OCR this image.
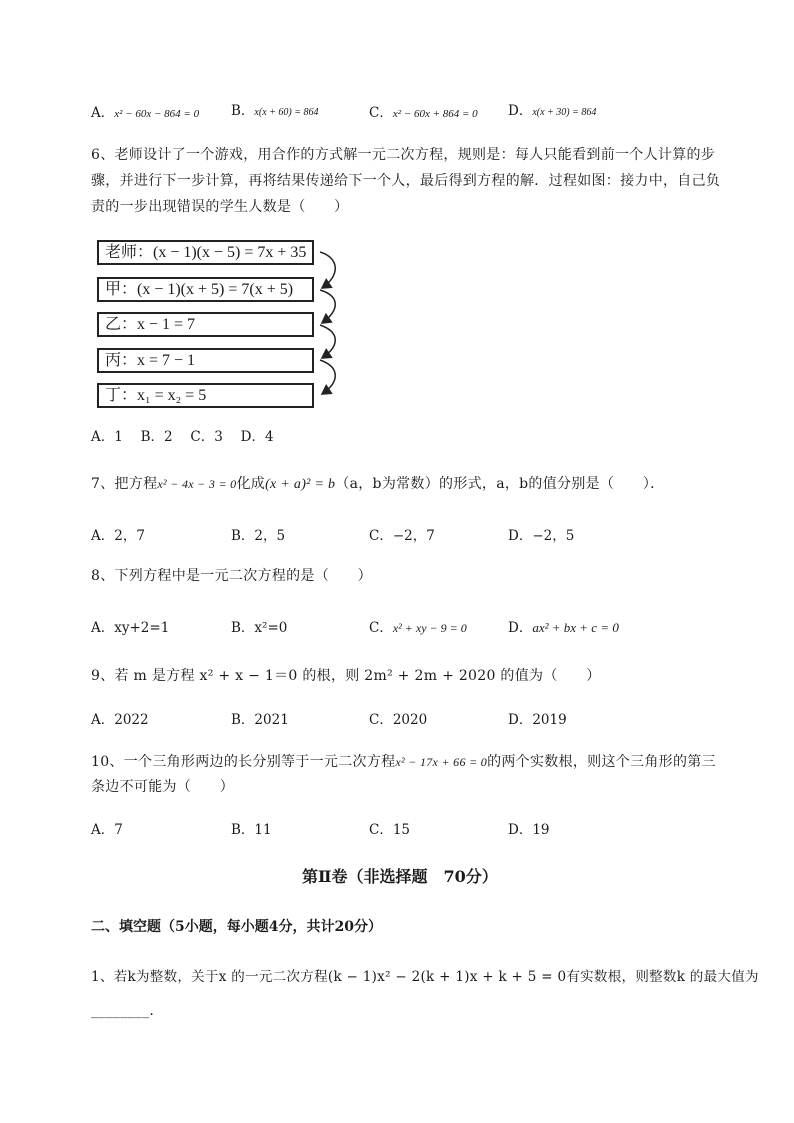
A．x² − 60x − 864 = 0 B．x(x + 60) = 864	C．x² − 60x + 864 = 0 D．x(x + 30) = 864
6、老师设计了一个游戏，用合作的方式解一元二次方程，规则是：每人只能看到前一个人计算的步
骤，并进行下一步计算，再将结果传递给下一个人，最后得到方程的解．过程如图：接力中，自己负
责的一步出现错误的学生人数是（　　）
老师：(x − 1)(x − 5) = 7x + 35
甲：(x − 1)(x + 5) = 7(x + 5)
乙：x − 1 = 7
丙：x = 7 − 1
丁：x₁ = x₂ = 5
A．1　 B．2　 C．3　 D．4
7、把方程x² − 4x − 3 = 0化成(x + a)² = b（a，b为常数）的形式，a，b的值分别是（　　）．
A．2，7	B．2，5	C．−2，7	D．−2，5
8、下列方程中是一元二次方程的是（　　）
A．xy+2=1	B．x²=0	C．x² + xy − 9 = 0	D．ax² + bx + c = 0
9、若 m 是方程 x² + x − 1＝0 的根，则 2m² + 2m + 2020 的值为（　　）
A．2022	B．2021	C．2020	D．2019
10、一个三角形两边的长分别等于一元二次方程x² − 17x + 66 = 0的两个实数根，则这个三角形的第三
条边不可能为（　　）
A．7	B．11	C．15	D．19
第Ⅱ卷（非选择题　70分）
二、填空题（5小题，每小题4分，共计20分）
1、若k为整数，关于x 的一元二次方程(k − 1)x² − 2(k + 1)x + k + 5 = 0有实数根，则整数k 的最大值为
________.
